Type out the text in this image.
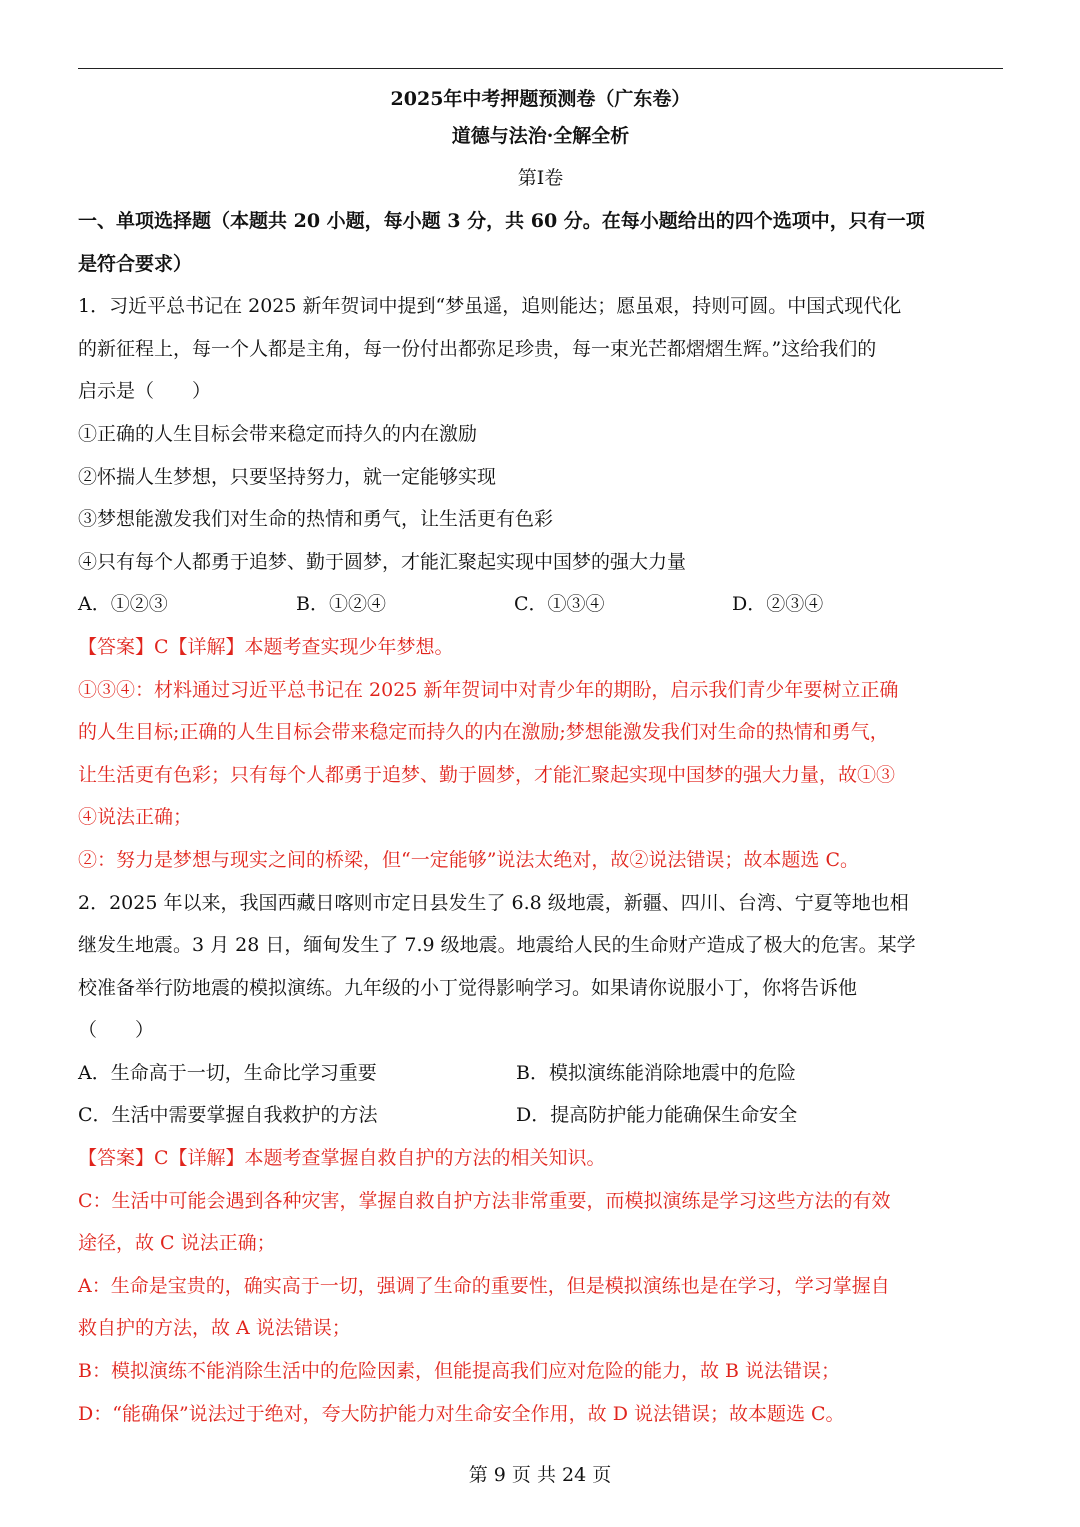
2025年中考押题预测卷（广东卷）
道德与法治·全解全析
第Ⅰ卷

一、单项选择题（本题共 20 小题，每小题 3 分，共 60 分。在每小题给出的四个选项中，只有一项

是符合要求）

1．习近平总书记在 2025 新年贺词中提到“梦虽遥，追则能达；愿虽艰，持则可圆。中国式现代化

的新征程上，每一个人都是主角，每一份付出都弥足珍贵，每一束光芒都熠熠生辉。”这给我们的

启示是（　　）

①正确的人生目标会带来稳定而持久的内在激励

②怀揣人生梦想，只要坚持努力，就一定能够实现

③梦想能激发我们对生命的热情和勇气，让生活更有色彩

④只有每个人都勇于追梦、勤于圆梦，才能汇聚起实现中国梦的强大力量

A．①②③	B．①②④	C．①③④	D．②③④

【答案】C【详解】本题考查实现少年梦想。

①③④：材料通过习近平总书记在 2025 新年贺词中对青少年的期盼，启示我们青少年要树立正确

的人生目标;正确的人生目标会带来稳定而持久的内在激励;梦想能激发我们对生命的热情和勇气，

让生活更有色彩；只有每个人都勇于追梦、勤于圆梦，才能汇聚起实现中国梦的强大力量，故①③

④说法正确；

②：努力是梦想与现实之间的桥梁，但“一定能够”说法太绝对，故②说法错误；故本题选 C。

2．2025 年以来，我国西藏日喀则市定日县发生了 6.8 级地震，新疆、四川、台湾、宁夏等地也相

继发生地震。3 月 28 日，缅甸发生了 7.9 级地震。地震给人民的生命财产造成了极大的危害。某学

校准备举行防地震的模拟演练。九年级的小丁觉得影响学习。如果请你说服小丁，你将告诉他

（　　）

A．生命高于一切，生命比学习重要	B．模拟演练能消除地震中的危险
C．生活中需要掌握自我救护的方法	D．提高防护能力能确保生命安全

【答案】C【详解】本题考查掌握自救自护的方法的相关知识。

C：生活中可能会遇到各种灾害，掌握自救自护方法非常重要，而模拟演练是学习这些方法的有效

途径，故 C 说法正确；

A：生命是宝贵的，确实高于一切，强调了生命的重要性，但是模拟演练也是在学习，学习掌握自

救自护的方法，故 A 说法错误；

B：模拟演练不能消除生活中的危险因素，但能提高我们应对危险的能力，故 B 说法错误；

D：“能确保”说法过于绝对，夸大防护能力对生命安全作用，故 D 说法错误；故本题选 C。

第 9 页 共 24 页
